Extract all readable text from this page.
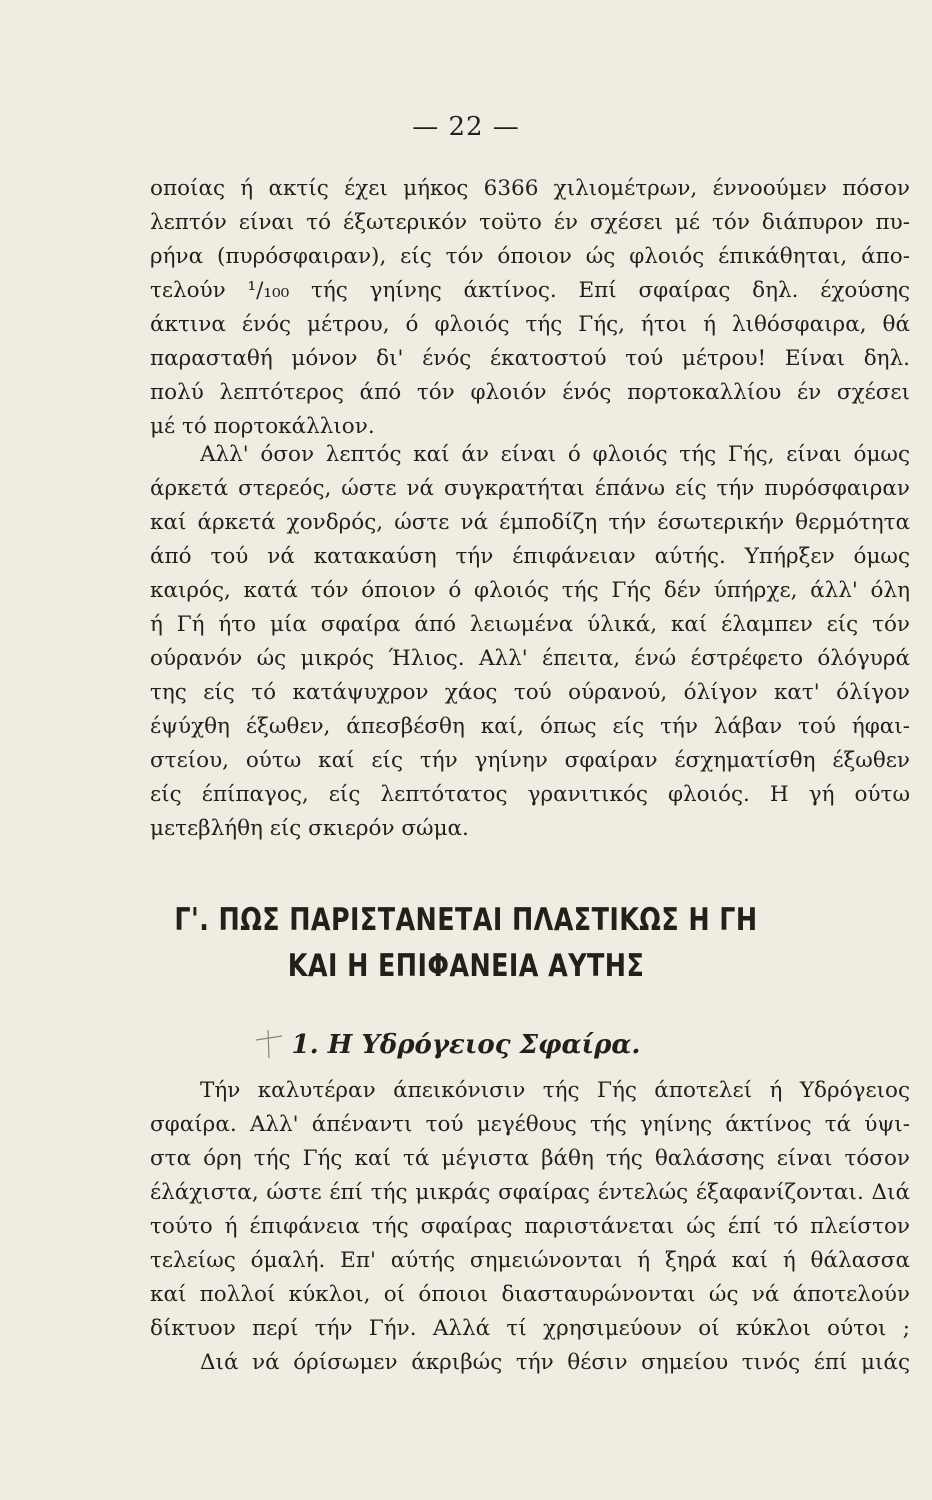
— 22 —
οποίας ή ακτίς έχει μήκος 6366 χιλιομέτρων, έννοούμεν πόσον
λεπτόν είναι τό έξωτερικόν τοϋτο έν σχέσει μέ τόν διάπυρον πυ-
ρήνα (πυρόσφαιραν), είς τόν όποιον ώς φλοιός έπικάθηται, άπο-
τελούν ¹/₁₀₀ τής γηίνης άκτίνος. Επί σφαίρας δηλ. έχούσης
άκτινα ένός μέτρου, ό φλοιός τής Γής, ήτοι ή λιθόσφαιρα, θά
παρασταθή μόνον δι' ένός έκατοστού τού μέτρου! Είναι δηλ.
πολύ λεπτότερος άπό τόν φλοιόν ένός πορτοκαλλίου έν σχέσει
μέ τό πορτοκάλλιον.
Αλλ' όσον λεπτός καί άν είναι ό φλοιός τής Γής, είναι όμως
άρκετά στερεός, ώστε νά συγκρατήται έπάνω είς τήν πυρόσφαιραν
καί άρκετά χονδρός, ώστε νά έμποδίζη τήν έσωτερικήν θερμότητα
άπό τού νά κατακαύση τήν έπιφάνειαν αύτής. Υπήρξεν όμως
καιρός, κατά τόν όποιον ό φλοιός τής Γής δέν ύπήρχε, άλλ' όλη
ή Γή ήτο μία σφαίρα άπό λειωμένα ύλικά, καί έλαμπεν είς τόν
ούρανόν ώς μικρός Ήλιος. Αλλ' έπειτα, ένώ έστρέφετο όλόγυρά
της είς τό κατάψυχρον χάος τού ούρανού, όλίγον κατ' όλίγον
έψύχθη έξωθεν, άπεσβέσθη καί, όπως είς τήν λάβαν τού ήφαι-
στείου, ούτω καί είς τήν γηίνην σφαίραν έσχηματίσθη έξωθεν
είς έπίπαγος, είς λεπτότατος γρανιτικός φλοιός. Η γή ούτω
μετεβλήθη είς σκιερόν σώμα.
Γ'. ΠΩΣ ΠΑΡΙΣΤΑΝΕΤΑΙ ΠΛΑΣΤΙΚΩΣ Η ΓΗ
ΚΑΙ Η ΕΠΙΦΑΝΕΙΑ ΑΥΤΗΣ
1. Η Υδρόγειος Σφαίρα.
Τήν καλυτέραν άπεικόνισιν τής Γής άποτελεί ή Υδρόγειος
σφαίρα. Αλλ' άπέναντι τού μεγέθους τής γηίνης άκτίνος τά ύψι-
στα όρη τής Γής καί τά μέγιστα βάθη τής θαλάσσης είναι τόσον
έλάχιστα, ώστε έπί τής μικράς σφαίρας έντελώς έξαφανίζονται. Διά
τούτο ή έπιφάνεια τής σφαίρας παριστάνεται ώς έπί τό πλείστον
τελείως όμαλή. Επ' αύτής σημειώνονται ή ξηρά καί ή θάλασσα
καί πολλοί κύκλοι, οί όποιοι διασταυρώνονται ώς νά άποτελούν
δίκτυον περί τήν Γήν. Αλλά τί χρησιμεύουν οί κύκλοι ούτοι ;
Διά νά όρίσωμεν άκριβώς τήν θέσιν σημείου τινός έπί μιάς
